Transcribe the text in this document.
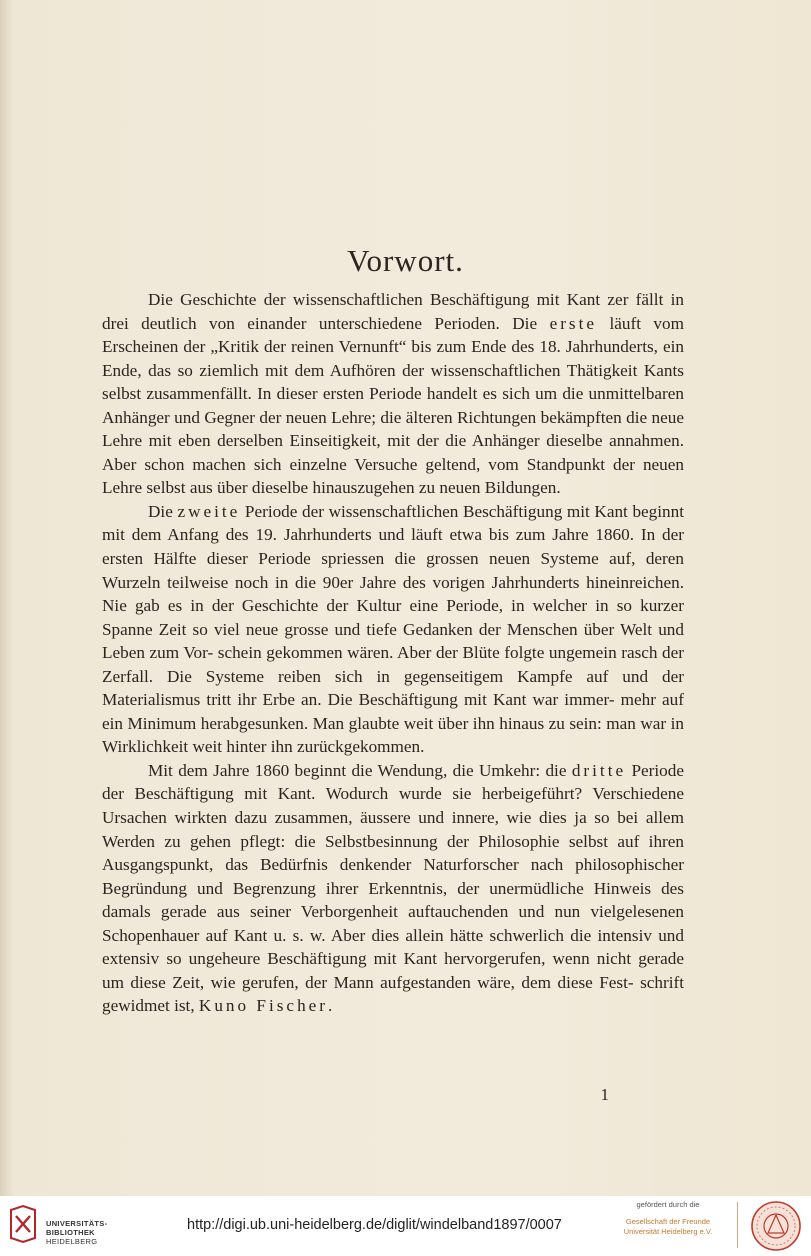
Vorwort.

Die Geschichte der wissenschaftlichen Beschäftigung mit Kant zer fällt in drei deutlich von einander unterschiedene Perioden. Die erste läuft vom Erscheinen der „Kritik der reinen Vernunft“ bis zum Ende des 18. Jahrhunderts, ein Ende, das so ziemlich mit dem Aufhören der wissenschaftlichen Thätigkeit Kants selbst zusammenfällt. In dieser ersten Periode handelt es sich um die unmittelbaren Anhänger und Gegner der neuen Lehre; die älteren Richtungen bekämpften die neue Lehre mit eben derselben Einseitigkeit, mit der die Anhänger dieselbe annahmen. Aber schon machen sich einzelne Versuche geltend, vom Standpunkt der neuen Lehre selbst aus über dieselbe hinauszugehen zu neuen Bildungen.

Die zweite Periode der wissenschaftlichen Beschäftigung mit Kant beginnt mit dem Anfang des 19. Jahrhunderts und läuft etwa bis zum Jahre 1860. In der ersten Hälfte dieser Periode spriessen die grossen neuen Systeme auf, deren Wurzeln teilweise noch in die 90er Jahre des vorigen Jahrhunderts hineinreichen. Nie gab es in der Geschichte der Kultur eine Periode, in welcher in so kurzer Spanne Zeit so viel neue grosse und tiefe Gedanken der Menschen über Welt und Leben zum Vor- schein gekommen wären. Aber der Blüte folgte ungemein rasch der Zerfall. Die Systeme reiben sich in gegenseitigem Kampfe auf und der Materialismus tritt ihr Erbe an. Die Beschäftigung mit Kant war immer- mehr auf ein Minimum herabgesunken. Man glaubte weit über ihn hinaus zu sein: man war in Wirklichkeit weit hinter ihn zurückgekommen.

Mit dem Jahre 1860 beginnt die Wendung, die Umkehr: die dritte Periode der Beschäftigung mit Kant. Wodurch wurde sie herbeigeführt? Verschiedene Ursachen wirkten dazu zusammen, äussere und innere, wie dies ja so bei allem Werden zu gehen pflegt: die Selbstbesinnung der Philosophie selbst auf ihren Ausgangspunkt, das Bedürfnis denkender Naturforscher nach philosophischer Begründung und Begrenzung ihrer Erkenntnis, der unermüdliche Hinweis des damals gerade aus seiner Verborgenheit auftauchenden und nun vielgelesenen Schopenhauer auf Kant u. s. w. Aber dies allein hätte schwerlich die intensiv und extensiv so ungeheure Beschäftigung mit Kant hervorgerufen, wenn nicht gerade um diese Zeit, wie gerufen, der Mann aufgestanden wäre, dem diese Fest- schrift gewidmet ist, Kuno Fischer.

1
UNIVERSITÄTS-
BIBLIOTHEK
HEIDELBERG
http://digi.ub.uni-heidelberg.de/diglit/windelband1897/0007
gefördert durch die
Gesellschaft der Freunde
Universität Heidelberg e.V.
